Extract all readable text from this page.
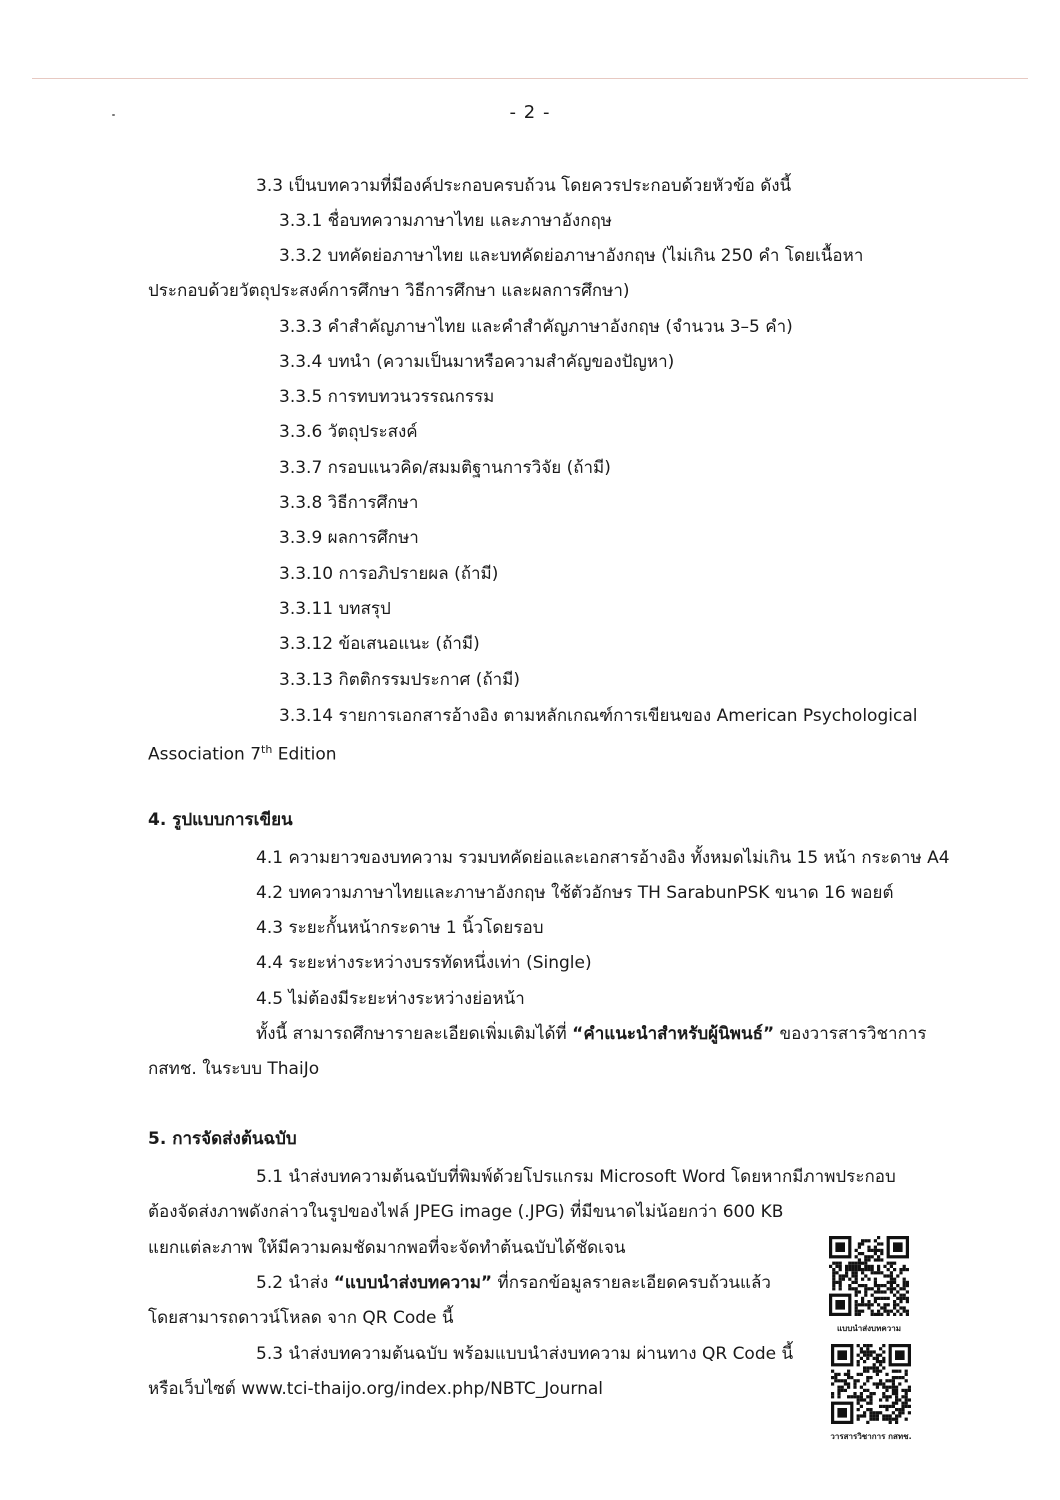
- 2 -
3.3 เป็นบทความที่มีองค์ประกอบครบถ้วน โดยควรประกอบด้วยหัวข้อ ดังนี้
3.3.1 ชื่อบทความภาษาไทย และภาษาอังกฤษ
3.3.2 บทคัดย่อภาษาไทย และบทคัดย่อภาษาอังกฤษ (ไม่เกิน 250 คำ โดยเนื้อหา
ประกอบด้วยวัตถุประสงค์การศึกษา วิธีการศึกษา และผลการศึกษา)
3.3.3 คำสำคัญภาษาไทย และคำสำคัญภาษาอังกฤษ (จำนวน 3–5 คำ)
3.3.4 บทนำ (ความเป็นมาหรือความสำคัญของปัญหา)
3.3.5 การทบทวนวรรณกรรม
3.3.6 วัตถุประสงค์
3.3.7 กรอบแนวคิด/สมมติฐานการวิจัย (ถ้ามี)
3.3.8 วิธีการศึกษา
3.3.9 ผลการศึกษา
3.3.10 การอภิปรายผล (ถ้ามี)
3.3.11 บทสรุป
3.3.12 ข้อเสนอแนะ (ถ้ามี)
3.3.13 กิตติกรรมประกาศ (ถ้ามี)
3.3.14 รายการเอกสารอ้างอิง ตามหลักเกณฑ์การเขียนของ American Psychological
Association 7th Edition
4. รูปแบบการเขียน
4.1 ความยาวของบทความ รวมบทคัดย่อและเอกสารอ้างอิง ทั้งหมดไม่เกิน 15 หน้า กระดาษ A4
4.2 บทความภาษาไทยและภาษาอังกฤษ ใช้ตัวอักษร TH SarabunPSK ขนาด 16 พอยต์
4.3 ระยะกั้นหน้ากระดาษ 1 นิ้วโดยรอบ
4.4 ระยะห่างระหว่างบรรทัดหนึ่งเท่า (Single)
4.5 ไม่ต้องมีระยะห่างระหว่างย่อหน้า
ทั้งนี้ สามารถศึกษารายละเอียดเพิ่มเติมได้ที่ “คำแนะนำสำหรับผู้นิพนธ์” ของวารสารวิชาการ
กสทช. ในระบบ ThaiJo
5. การจัดส่งต้นฉบับ
5.1 นำส่งบทความต้นฉบับที่พิมพ์ด้วยโปรแกรม Microsoft Word โดยหากมีภาพประกอบ
ต้องจัดส่งภาพดังกล่าวในรูปของไฟล์ JPEG image (.JPG) ที่มีขนาดไม่น้อยกว่า 600 KB
แยกแต่ละภาพ ให้มีความคมชัดมากพอที่จะจัดทำต้นฉบับได้ชัดเจน
5.2 นำส่ง “แบบนำส่งบทความ” ที่กรอกข้อมูลรายละเอียดครบถ้วนแล้ว
โดยสามารถดาวน์โหลด จาก QR Code นี้
5.3 นำส่งบทความต้นฉบับ พร้อมแบบนำส่งบทความ ผ่านทาง QR Code นี้
หรือเว็บไซต์ www.tci-thaijo.org/index.php/NBTC_Journal
แบบนำส่งบทความ
วารสารวิชาการ กสทช.
